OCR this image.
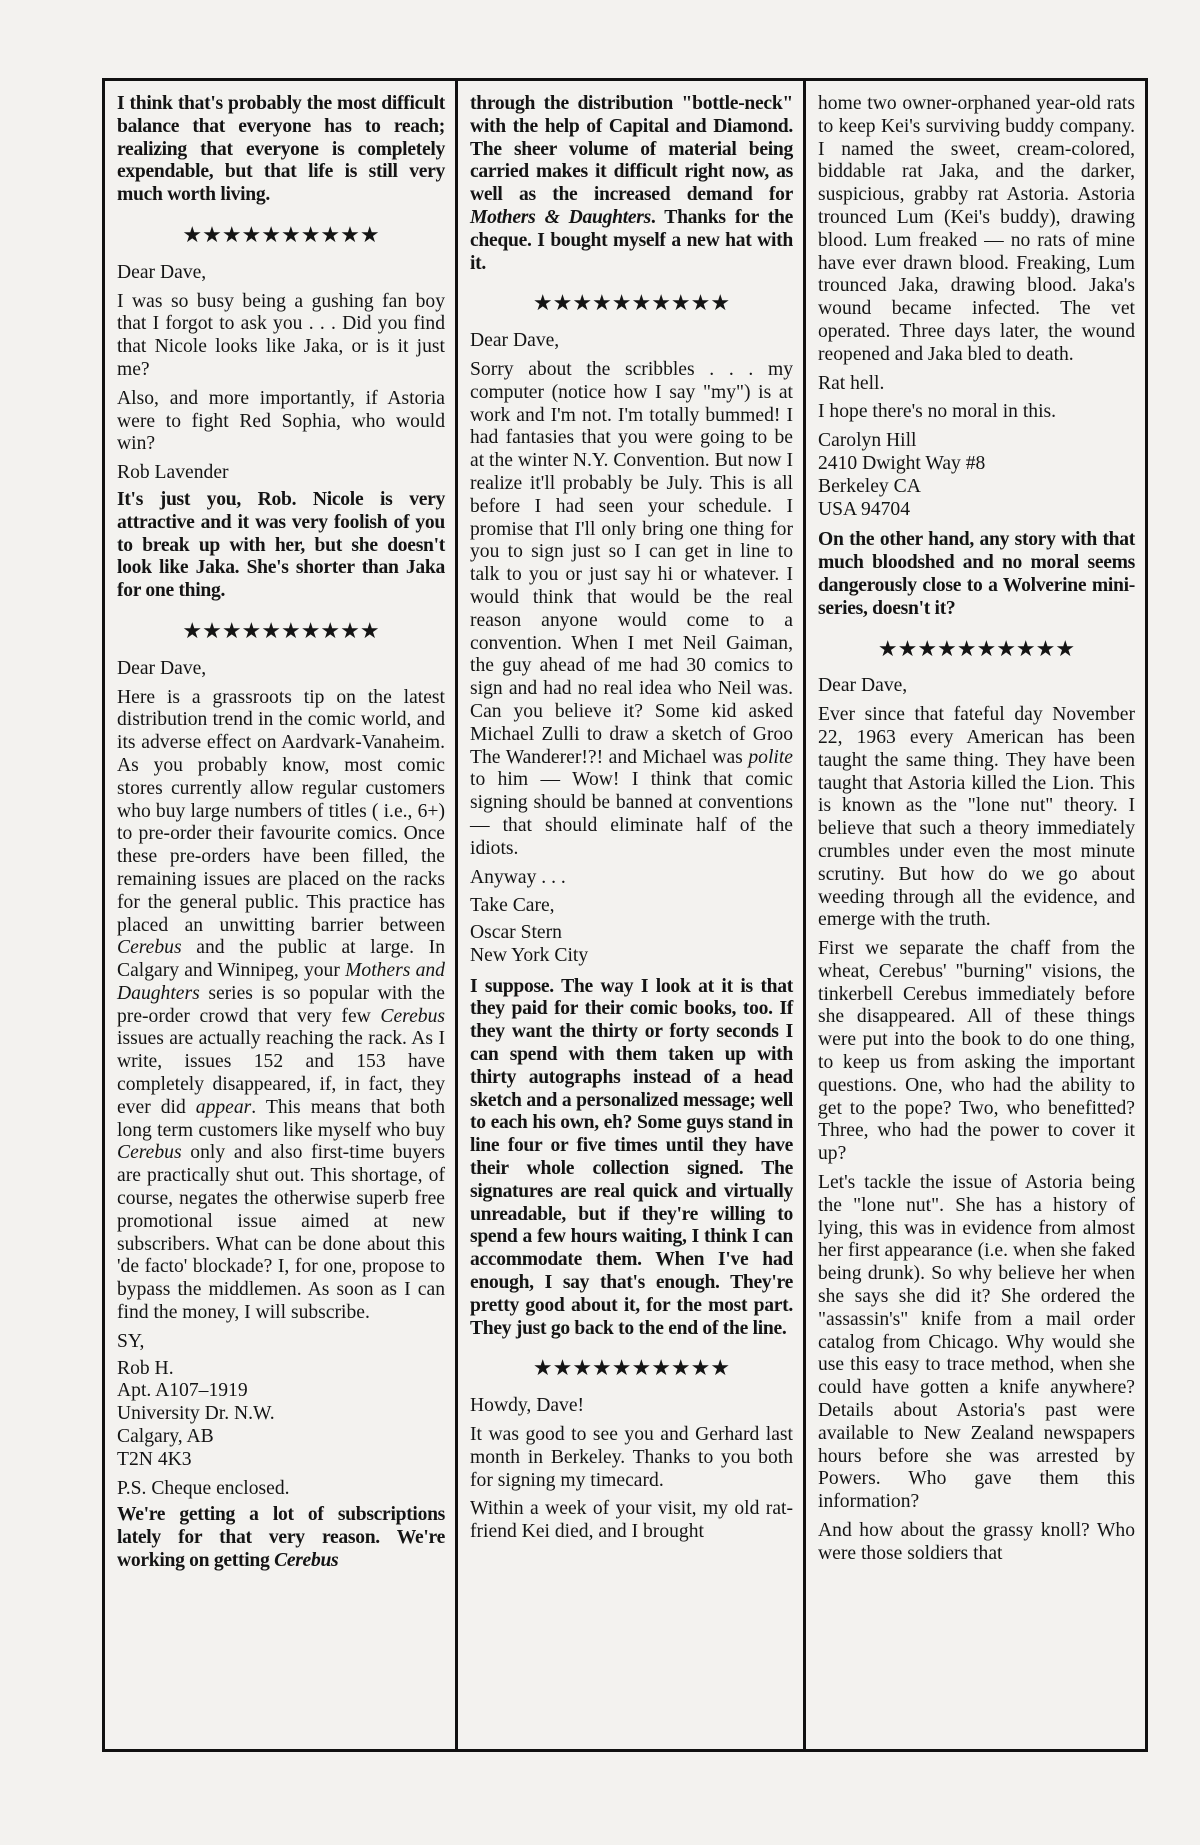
I think that's probably the most difficult balance that everyone has to reach; realizing that everyone is completely expendable, but that life is still very much worth living.

★★★★★★★★★★

Dear Dave,

I was so busy being a gushing fan boy that I forgot to ask you . . . Did you find that Nicole looks like Jaka, or is it just me?

Also, and more importantly, if Astoria were to fight Red Sophia, who would win?

Rob Lavender

It's just you, Rob. Nicole is very attractive and it was very foolish of you to break up with her, but she doesn't look like Jaka. She's shorter than Jaka for one thing.

★★★★★★★★★★

Dear Dave,

Here is a grassroots tip on the latest distribution trend in the comic world, and its adverse effect on Aardvark-Vanaheim. As you probably know, most comic stores currently allow regular customers who buy large numbers of titles ( i.e., 6+) to pre-order their favourite comics. Once these pre-orders have been filled, the remaining issues are placed on the racks for the general public. This practice has placed an unwitting barrier between Cerebus and the public at large. In Calgary and Winnipeg, your Mothers and Daughters series is so popular with the pre-order crowd that very few Cerebus issues are actually reaching the rack. As I write, issues 152 and 153 have completely disappeared, if, in fact, they ever did appear. This means that both long term customers like myself who buy Cerebus only and also first-time buyers are practically shut out. This shortage, of course, negates the otherwise superb free promotional issue aimed at new subscribers. What can be done about this 'de facto' blockade? I, for one, propose to bypass the middlemen. As soon as I can find the money, I will subscribe.

SY,

Rob H.
Apt. A107–1919
University Dr. N.W.
Calgary, AB
T2N 4K3

P.S. Cheque enclosed.

We're getting a lot of subscriptions lately for that very reason. We're working on getting Cerebus

through the distribution "bottle-neck" with the help of Capital and Diamond. The sheer volume of material being carried makes it difficult right now, as well as the increased demand for Mothers & Daughters. Thanks for the cheque. I bought myself a new hat with it.

★★★★★★★★★★

Dear Dave,

Sorry about the scribbles . . . my computer (notice how I say "my") is at work and I'm not. I'm totally bummed! I had fantasies that you were going to be at the winter N.Y. Convention. But now I realize it'll probably be July. This is all before I had seen your schedule. I promise that I'll only bring one thing for you to sign just so I can get in line to talk to you or just say hi or whatever. I would think that would be the real reason anyone would come to a convention. When I met Neil Gaiman, the guy ahead of me had 30 comics to sign and had no real idea who Neil was. Can you believe it? Some kid asked Michael Zulli to draw a sketch of Groo The Wanderer!?! and Michael was polite to him — Wow! I think that comic signing should be banned at conventions— that should eliminate half of the idiots.

Anyway . . .

Take Care,

Oscar Stern
New York City

I suppose. The way I look at it is that they paid for their comic books, too. If they want the thirty or forty seconds I can spend with them taken up with thirty autographs instead of a head sketch and a personalized message; well to each his own, eh? Some guys stand in line four or five times until they have their whole collection signed. The signatures are real quick and virtually unreadable, but if they're willing to spend a few hours waiting, I think I can accommodate them. When I've had enough, I say that's enough. They're pretty good about it, for the most part. They just go back to the end of the line.

★★★★★★★★★★

Howdy, Dave!

It was good to see you and Gerhard last month in Berkeley. Thanks to you both for signing my timecard.

Within a week of your visit, my old rat-friend Kei died, and I brought

home two owner-orphaned year-old rats to keep Kei's surviving buddy company. I named the sweet, cream-colored, biddable rat Jaka, and the darker, suspicious, grabby rat Astoria. Astoria trounced Lum (Kei's buddy), drawing blood. Lum freaked — no rats of mine have ever drawn blood. Freaking, Lum trounced Jaka, drawing blood. Jaka's wound became infected. The vet operated. Three days later, the wound reopened and Jaka bled to death.

Rat hell.

I hope there's no moral in this.

Carolyn Hill
2410 Dwight Way #8
Berkeley CA
USA 94704

On the other hand, any story with that much bloodshed and no moral seems dangerously close to a Wolverine mini-series, doesn't it?

★★★★★★★★★★

Dear Dave,

Ever since that fateful day November 22, 1963 every American has been taught the same thing. They have been taught that Astoria killed the Lion. This is known as the "lone nut" theory. I believe that such a theory immediately crumbles under even the most minute scrutiny. But how do we go about weeding through all the evidence, and emerge with the truth.

First we separate the chaff from the wheat, Cerebus' "burning" visions, the tinkerbell Cerebus immediately before she disappeared. All of these things were put into the book to do one thing, to keep us from asking the important questions. One, who had the ability to get to the pope? Two, who benefitted? Three, who had the power to cover it up?

Let's tackle the issue of Astoria being the "lone nut". She has a history of lying, this was in evidence from almost her first appearance (i.e. when she faked being drunk). So why believe her when she says she did it? She ordered the "assassin's" knife from a mail order catalog from Chicago. Why would she use this easy to trace method, when she could have gotten a knife anywhere? Details about Astoria's past were available to New Zealand newspapers hours before she was arrested by Powers. Who gave them this information?

And how about the grassy knoll? Who were those soldiers that
